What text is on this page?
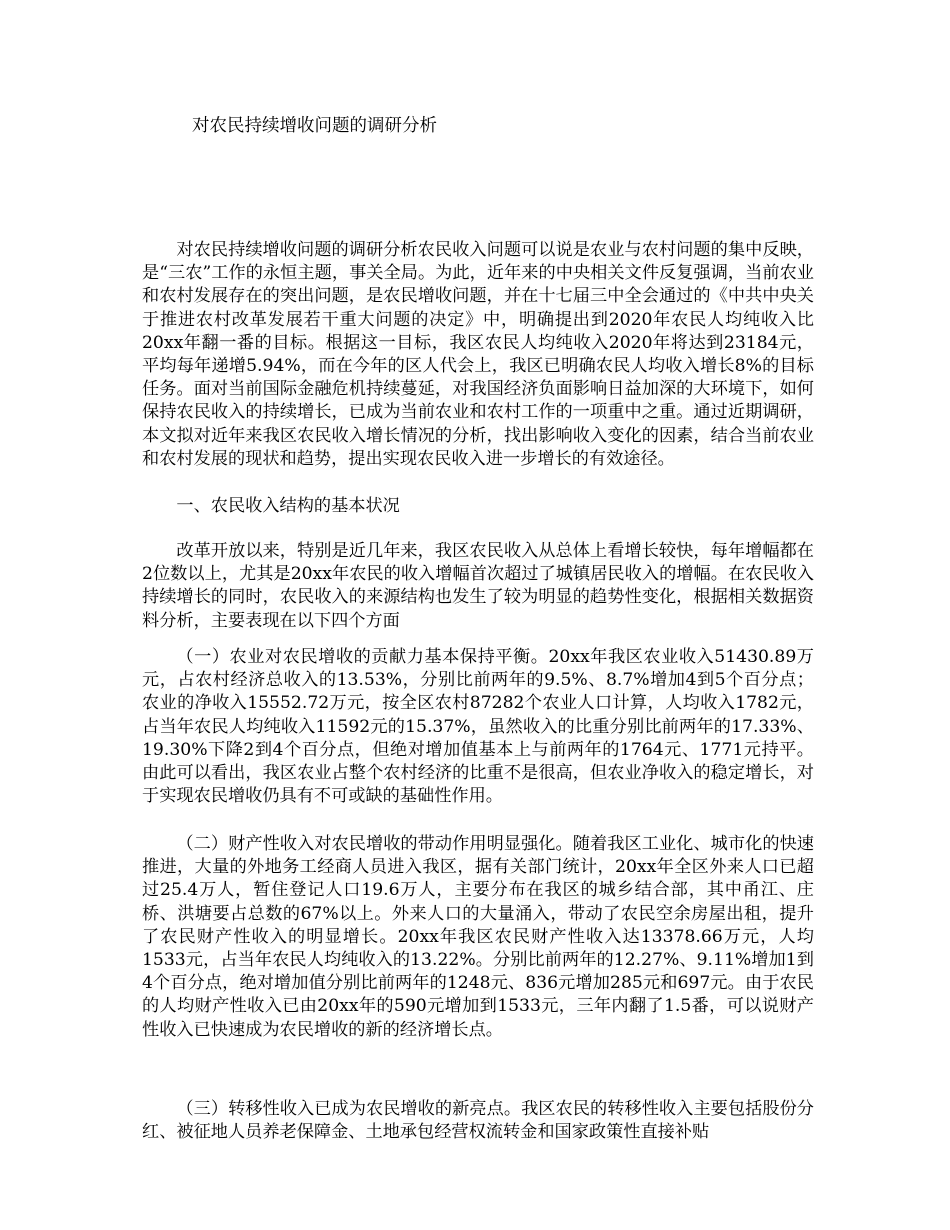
对农民持续增收问题的调研分析

对农民持续增收问题的调研分析农民收入问题可以说是农业与农村问题的集中反映，是“三农”工作的永恒主题，事关全局。为此，近年来的中央相关文件反复强调，当前农业和农村发展存在的突出问题，是农民增收问题，并在十七届三中全会通过的《中共中央关于推进农村改革发展若干重大问题的决定》中，明确提出到2020年农民人均纯收入比20xx年翻一番的目标。根据这一目标，我区农民人均纯收入2020年将达到23184元，平均每年递增5.94%，而在今年的区人代会上，我区已明确农民人均收入增长8%的目标任务。面对当前国际金融危机持续蔓延，对我国经济负面影响日益加深的大环境下，如何保持农民收入的持续增长，已成为当前农业和农村工作的一项重中之重。通过近期调研，本文拟对近年来我区农民收入增长情况的分析，找出影响收入变化的因素，结合当前农业和农村发展的现状和趋势，提出实现农民收入进一步增长的有效途径。

一、农民收入结构的基本状况

改革开放以来，特别是近几年来，我区农民收入从总体上看增长较快，每年增幅都在2位数以上，尤其是20xx年农民的收入增幅首次超过了城镇居民收入的增幅。在农民收入持续增长的同时，农民收入的来源结构也发生了较为明显的趋势性变化，根据相关数据资料分析，主要表现在以下四个方面

（一）农业对农民增收的贡献力基本保持平衡。20xx年我区农业收入51430.89万元，占农村经济总收入的13.53%，分别比前两年的9.5%、8.7%增加4到5个百分点；农业的净收入15552.72万元，按全区农村87282个农业人口计算，人均收入1782元，占当年农民人均纯收入11592元的15.37%，虽然收入的比重分别比前两年的17.33%、19.30%下降2到4个百分点，但绝对增加值基本上与前两年的1764元、1771元持平。由此可以看出，我区农业占整个农村经济的比重不是很高，但农业净收入的稳定增长，对于实现农民增收仍具有不可或缺的基础性作用。

（二）财产性收入对农民增收的带动作用明显强化。随着我区工业化、城市化的快速推进，大量的外地务工经商人员进入我区，据有关部门统计，20xx年全区外来人口已超过25.4万人，暂住登记人口19.6万人，主要分布在我区的城乡结合部，其中甬江、庄桥、洪塘要占总数的67%以上。外来人口的大量涌入，带动了农民空余房屋出租，提升了农民财产性收入的明显增长。20xx年我区农民财产性收入达13378.66万元，人均1533元，占当年农民人均纯收入的13.22%。分别比前两年的12.27%、9.11%增加1到4个百分点，绝对增加值分别比前两年的1248元、836元增加285元和697元。由于农民的人均财产性收入已由20xx年的590元增加到1533元，三年内翻了1.5番，可以说财产性收入已快速成为农民增收的新的经济增长点。

（三）转移性收入已成为农民增收的新亮点。我区农民的转移性收入主要包括股份分红、被征地人员养老保障金、土地承包经营权流转金和国家政策性直接补贴
